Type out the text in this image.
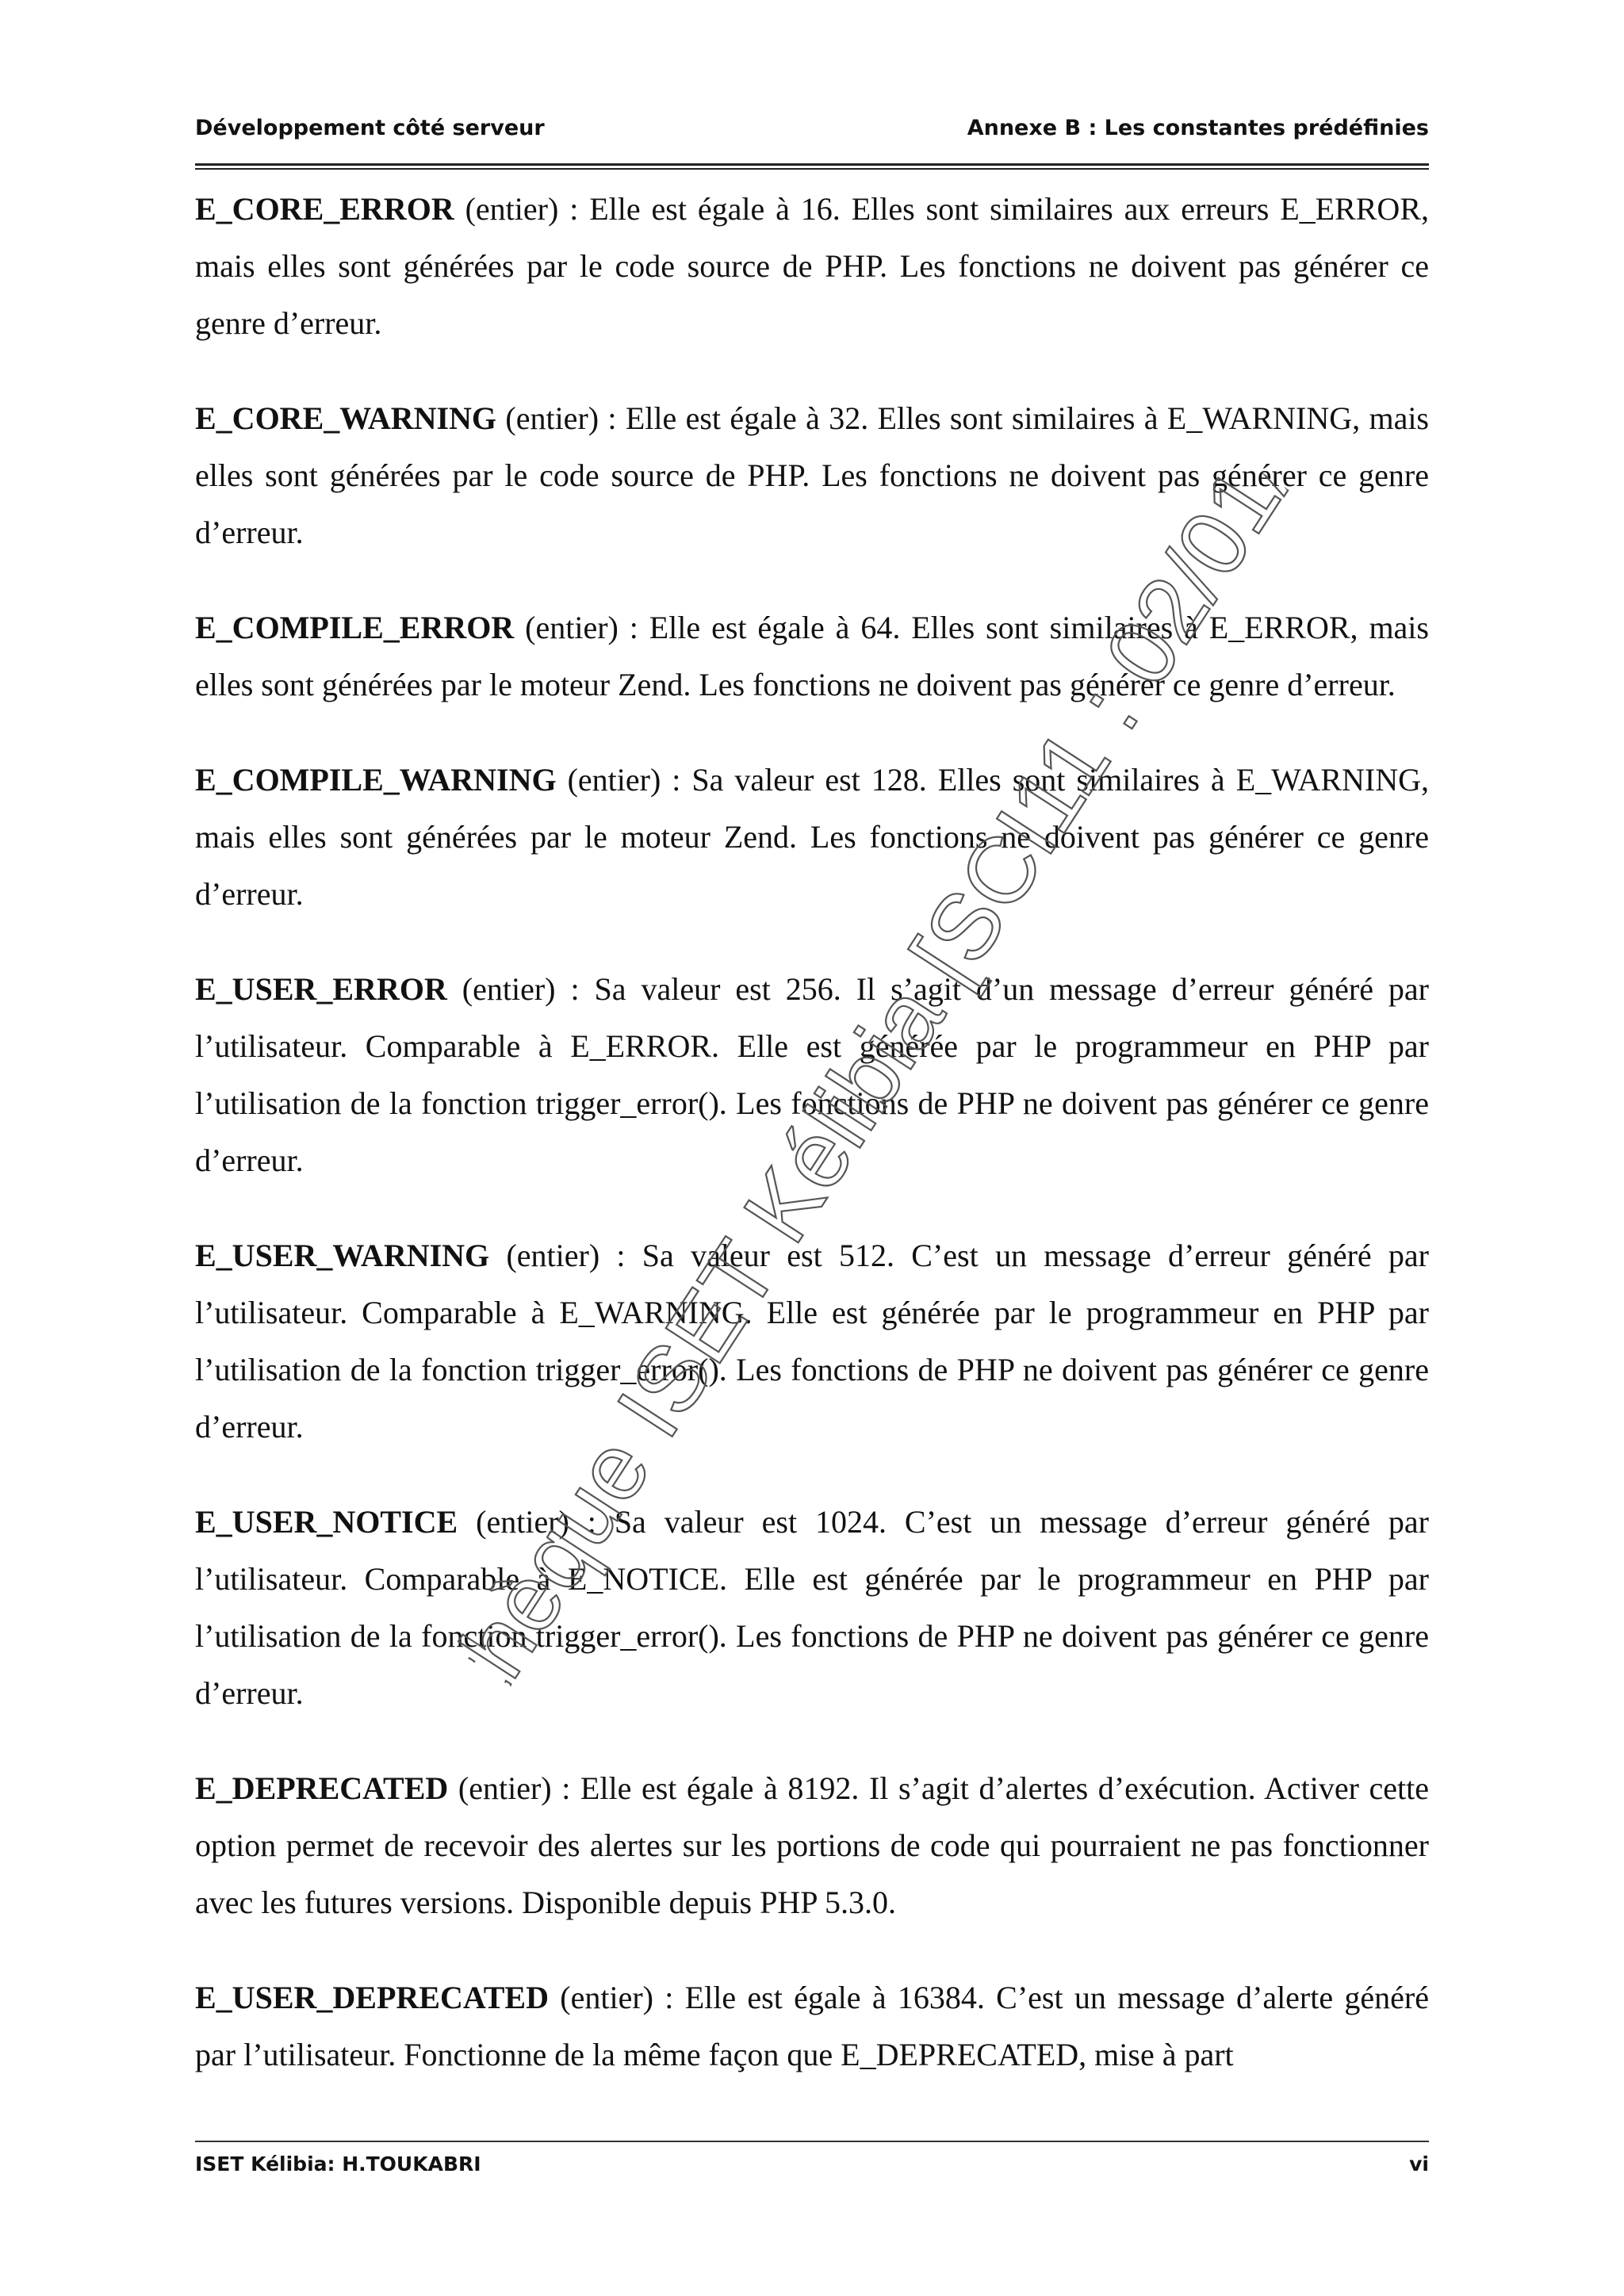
Développement côté serveur	Annexe B : Les constantes prédéfinies

E_CORE_ERROR (entier) : Elle est égale à 16. Elles sont similaires aux erreurs E_ERROR, mais elles sont générées par le code source de PHP. Les fonctions ne doivent pas générer ce genre d’erreur.

E_CORE_WARNING (entier) : Elle est égale à 32. Elles sont similaires à E_WARNING, mais elles sont générées par le code source de PHP. Les fonctions ne doivent pas générer ce genre d’erreur.

E_COMPILE_ERROR (entier) : Elle est égale à 64. Elles sont similaires à E_ERROR, mais elles sont générées par le moteur Zend. Les fonctions ne doivent pas générer ce genre d’erreur.

E_COMPILE_WARNING (entier) : Sa valeur est 128. Elles sont similaires à E_WARNING, mais elles sont générées par le moteur Zend. Les fonctions ne doivent pas générer ce genre d’erreur.

E_USER_ERROR (entier) : Sa valeur est 256. Il s’agit d’un message d’erreur généré par l’utilisateur. Comparable à E_ERROR. Elle est générée par le programmeur en PHP par l’utilisation de la fonction trigger_error(). Les fonctions de PHP ne doivent pas générer ce genre d’erreur.

E_USER_WARNING (entier) : Sa valeur est 512. C’est un message d’erreur généré par l’utilisateur. Comparable à E_WARNING. Elle est générée par le programmeur en PHP par l’utilisation de la fonction trigger_error(). Les fonctions de PHP ne doivent pas générer ce genre d’erreur.

E_USER_NOTICE (entier) : Sa valeur est 1024. C’est un message d’erreur généré par l’utilisateur. Comparable à E_NOTICE. Elle est générée par le programmeur en PHP par l’utilisation de la fonction trigger_error(). Les fonctions de PHP ne doivent pas générer ce genre d’erreur.

E_DEPRECATED (entier) : Elle est égale à 8192. Il s’agit d’alertes d’exécution. Activer cette option permet de recevoir des alertes sur les portions de code qui pourraient ne pas fonctionner avec les futures versions. Disponible depuis PHP 5.3.0.

E_USER_DEPRECATED (entier) : Elle est égale à 16384. C’est un message d’alerte généré par l’utilisateur. Fonctionne de la même façon que E_DEPRECATED, mise à part

Bibliothèque ISET Kélibia [SCI11 : 02/01/2018]
ISET Kélibia: H.TOUKABRI	vi
